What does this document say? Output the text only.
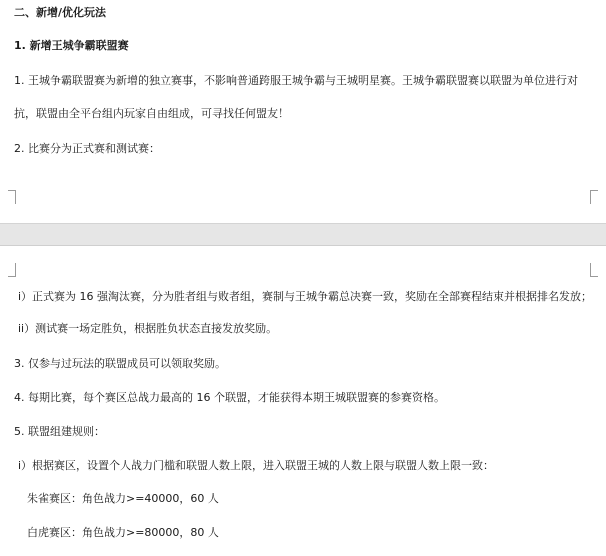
二、新增/优化玩法
1. 新增王城争霸联盟赛
1. 王城争霸联盟赛为新增的独立赛事，不影响普通跨服王城争霸与王城明星赛。王城争霸联盟赛以联盟为单位进行对
抗，联盟由全平台组内玩家自由组成，可寻找任何盟友！
2. 比赛分为正式赛和测试赛：
i）正式赛为 16 强淘汰赛，分为胜者组与败者组，赛制与王城争霸总决赛一致，奖励在全部赛程结束并根据排名发放；
ii）测试赛一场定胜负，根据胜负状态直接发放奖励。
3. 仅参与过玩法的联盟成员可以领取奖励。
4. 每期比赛，每个赛区总战力最高的 16 个联盟，才能获得本期王城联盟赛的参赛资格。
5. 联盟组建规则：
i）根据赛区，设置个人战力门槛和联盟人数上限，进入联盟王城的人数上限与联盟人数上限一致：
朱雀赛区：角色战力>=40000，60 人
白虎赛区：角色战力>=80000，80 人
